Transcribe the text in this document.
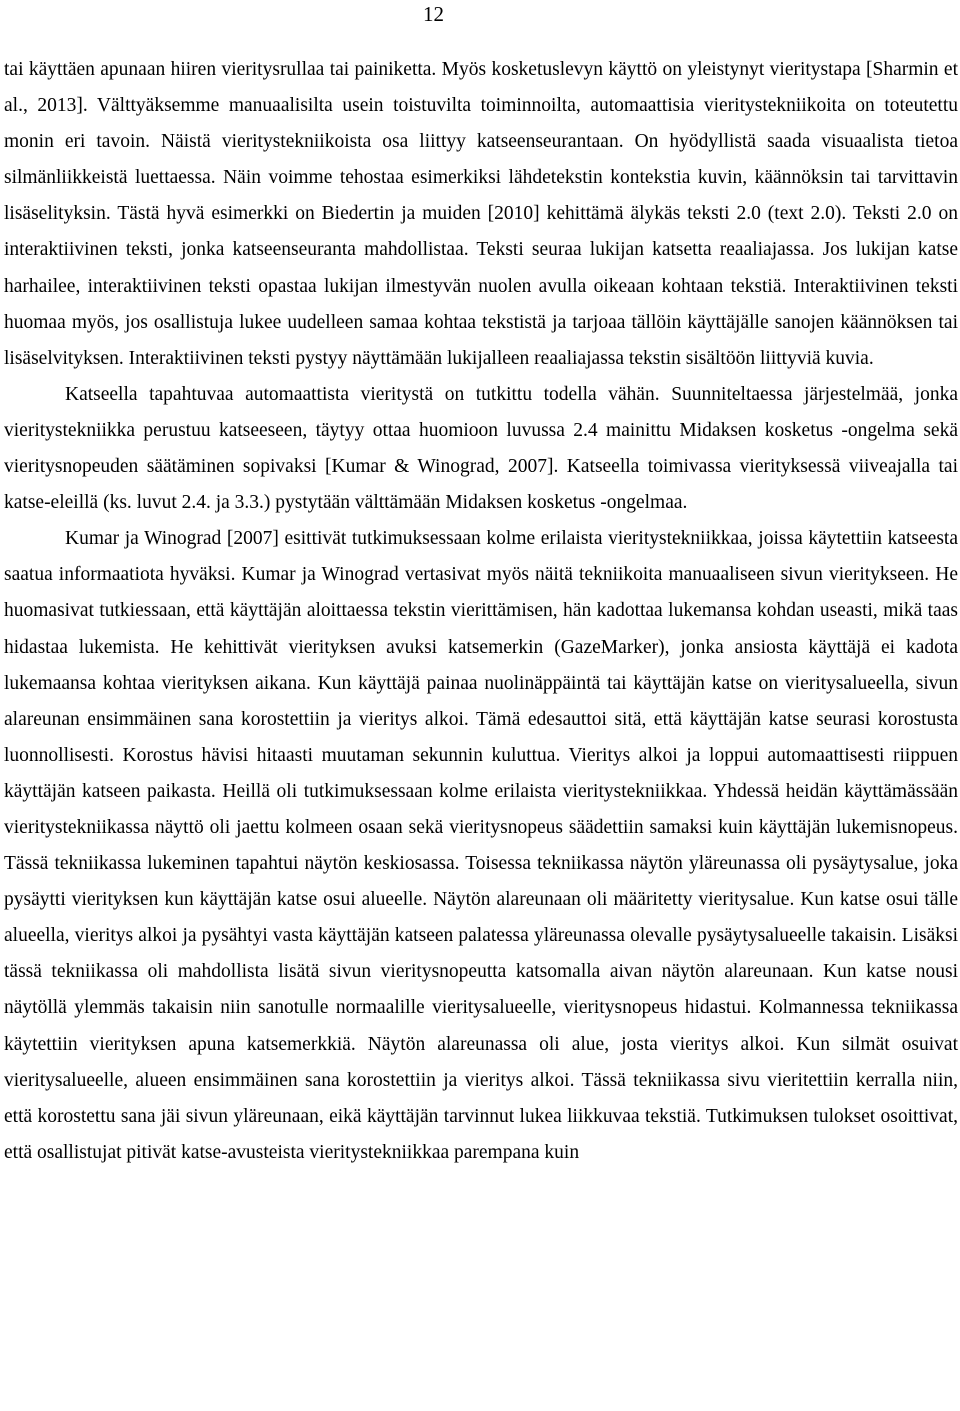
12

tai käyttäen apunaan hiiren vieritysrullaa tai painiketta. Myös kosketuslevyn käyttö on yleistynyt vieritystapa [Sharmin et al., 2013]. Välttyäksemme manuaalisilta usein toistuvilta toiminnoilta, automaattisia vieritystekniikoita on toteutettu monin eri tavoin. Näistä vieritystekniikoista osa liittyy katseenseurantaan. On hyödyllistä saada visuaalista tietoa silmänliikkeistä luettaessa. Näin voimme tehostaa esimerkiksi lähdetekstin kontekstia kuvin, käännöksin tai tarvittavin lisäselityksin. Tästä hyvä esimerkki on Biedertin ja muiden [2010] kehittämä älykäs teksti 2.0 (text 2.0). Teksti 2.0 on interaktiivinen teksti, jonka katseenseuranta mahdollistaa. Teksti seuraa lukijan katsetta reaaliajassa. Jos lukijan katse harhailee, interaktiivinen teksti opastaa lukijan ilmestyvän nuolen avulla oikeaan kohtaan tekstiä. Interaktiivinen teksti huomaa myös, jos osallistuja lukee uudelleen samaa kohtaa tekstistä ja tarjoaa tällöin käyttäjälle sanojen käännöksen tai lisäselvityksen. Interaktiivinen teksti pystyy näyttämään lukijalleen reaaliajassa tekstin sisältöön liittyviä kuvia.

Katseella tapahtuvaa automaattista vieritystä on tutkittu todella vähän. Suunniteltaessa järjestelmää, jonka vieritystekniikka perustuu katseeseen, täytyy ottaa huomioon luvussa 2.4 mainittu Midaksen kosketus -ongelma sekä vieritysnopeuden säätäminen sopivaksi [Kumar & Winograd, 2007]. Katseella toimivassa vierityksessä viiveajalla tai katse-eleillä (ks. luvut 2.4. ja 3.3.) pystytään välttämään Midaksen kosketus -ongelmaa.

Kumar ja Winograd [2007] esittivät tutkimuksessaan kolme erilaista vieritystekniikkaa, joissa käytettiin katseesta saatua informaatiota hyväksi. Kumar ja Winograd vertasivat myös näitä tekniikoita manuaaliseen sivun vieritykseen. He huomasivat tutkiessaan, että käyttäjän aloittaessa tekstin vierittämisen, hän kadottaa lukemansa kohdan useasti, mikä taas hidastaa lukemista. He kehittivät vierityksen avuksi katsemerkin (GazeMarker), jonka ansiosta käyttäjä ei kadota lukemaansa kohtaa vierityksen aikana. Kun käyttäjä painaa nuolinäppäintä tai käyttäjän katse on vieritysalueella, sivun alareunan ensimmäinen sana korostettiin ja vieritys alkoi. Tämä edesauttoi sitä, että käyttäjän katse seurasi korostusta luonnollisesti. Korostus hävisi hitaasti muutaman sekunnin kuluttua. Vieritys alkoi ja loppui automaattisesti riippuen käyttäjän katseen paikasta. Heillä oli tutkimuksessaan kolme erilaista vieritystekniikkaa. Yhdessä heidän käyttämässään vieritystekniikassa näyttö oli jaettu kolmeen osaan sekä vieritysnopeus säädettiin samaksi kuin käyttäjän lukemisnopeus. Tässä tekniikassa lukeminen tapahtui näytön keskiosassa. Toisessa tekniikassa näytön yläreunassa oli pysäytysalue, joka pysäytti vierityksen kun käyttäjän katse osui alueelle. Näytön alareunaan oli määritetty vieritysalue. Kun katse osui tälle alueella, vieritys alkoi ja pysähtyi vasta käyttäjän katseen palatessa yläreunassa olevalle pysäytysalueelle takaisin. Lisäksi tässä tekniikassa oli mahdollista lisätä sivun vieritysnopeutta katsomalla aivan näytön alareunaan. Kun katse nousi näytöllä ylemmäs takaisin niin sanotulle normaalille vieritysalueelle, vieritysnopeus hidastui. Kolmannessa tekniikassa käytettiin vierityksen apuna katsemerkkiä. Näytön alareunassa oli alue, josta vieritys alkoi. Kun silmät osuivat vieritysalueelle, alueen ensimmäinen sana korostettiin ja vieritys alkoi. Tässä tekniikassa sivu vieritettiin kerralla niin, että korostettu sana jäi sivun yläreunaan, eikä käyttäjän tarvinnut lukea liikkuvaa tekstiä. Tutkimuksen tulokset osoittivat, että osallistujat pitivät katse-avusteista vieritystekniikkaa parempana kuin
